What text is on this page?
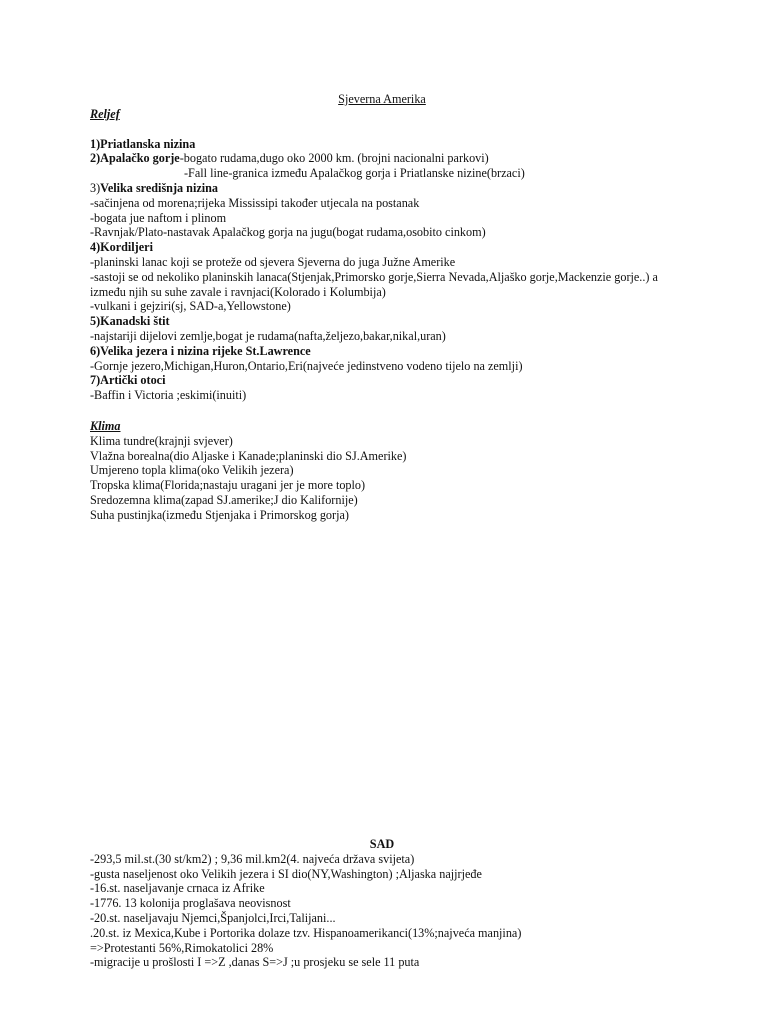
Sjeverna Amerika
Reljef
1)Priatlanska nizina
2)Apalačko gorje-bogato rudama,dugo oko 2000 km. (brojni nacionalni parkovi)
-Fall line-granica između Apalačkog gorja i Priatlanske nizine(brzaci)
3)Velika središnja nizina
-sačinjena od morena;rijeka Mississipi također utjecala na postanak
-bogata jue naftom i plinom
-Ravnjak/Plato-nastavak Apalačkog gorja na jugu(bogat rudama,osobito cinkom)
4)Kordiljeri
-planinski lanac koji se proteže od sjevera Sjeverna do juga Južne Amerike
-sastoji se od nekoliko planinskih lanaca(Stjenjak,Primorsko gorje,Sierra Nevada,Aljaško gorje,Mackenzie gorje..) a između njih su suhe zavale i ravnjaci(Kolorado i Kolumbija)
-vulkani i gejziri(sj, SAD-a,Yellowstone)
5)Kanadski štit
-najstariji dijelovi zemlje,bogat je rudama(nafta,željezo,bakar,nikal,uran)
6)Velika jezera i nizina rijeke St.Lawrence
-Gornje jezero,Michigan,Huron,Ontario,Eri(najveće jedinstveno vodeno tijelo na zemlji)
7)Artički otoci
-Baffin i Victoria ;eskimi(inuiti)
Klima
Klima tundre(krajnji svjever)
Vlažna borealna(dio Aljaske i Kanade;planinski dio SJ.Amerike)
Umjereno topla klima(oko Velikih jezera)
Tropska klima(Florida;nastaju uragani jer je more toplo)
Sredozemna klima(zapad SJ.amerike;J dio Kalifornije)
Suha pustinjka(između Stjenjaka i Primorskog gorja)
SAD
-293,5 mil.st.(30 st/km2) ; 9,36 mil.km2(4. najveća država svijeta)
-gusta naseljenost oko Velikih jezera i SI dio(NY,Washington) ;Aljaska najjrjeđe
-16.st. naseljavanje crnaca iz Afrike
-1776. 13 kolonija proglašava neovisnost
-20.st. naseljavaju Njemci,Španjolci,Irci,Talijani...
.20.st. iz Mexica,Kube i Portorika dolaze tzv. Hispanoamerikanci(13%;najveća manjina)
=>Protestanti 56%,Rimokatolici 28%
-migracije u prošlosti I =>Z ,danas S=>J ;u prosjeku se sele 11 puta
